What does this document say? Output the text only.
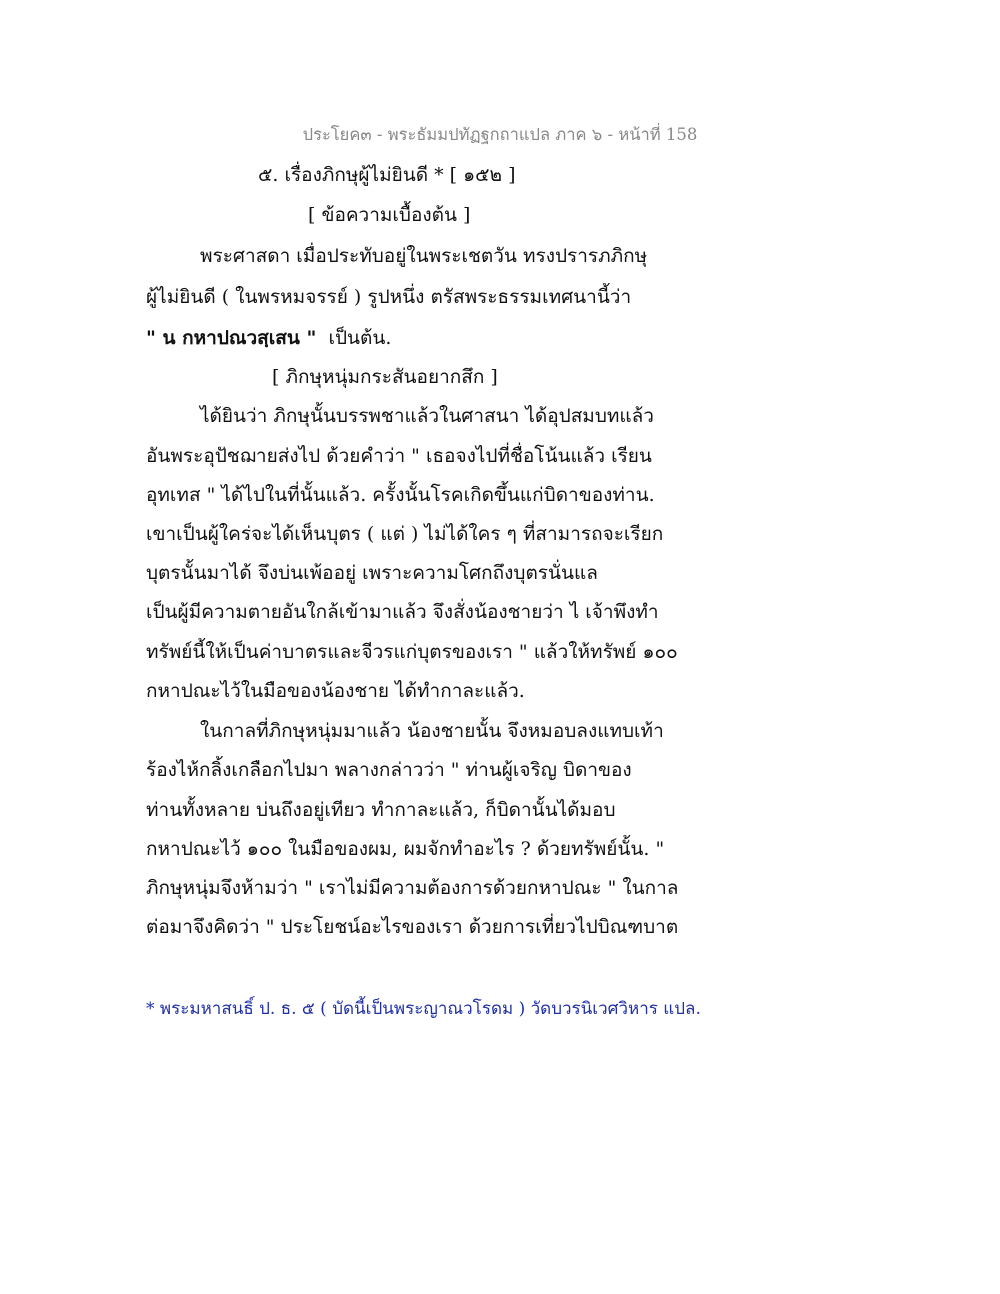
ประโยค๓ - พระธัมมปทัฏฐกถาแปล ภาค ๖ - หน้าที่ 158
๕. เรื่องภิกษุผู้ไม่ยินดี * [ ๑๕๒ ]
[ ข้อความเบื้องต้น ]
พระศาสดา เมื่อประทับอยู่ในพระเชตวัน ทรงปรารภภิกษุ
ผู้ไม่ยินดี ( ในพรหมจรรย์ ) รูปหนึ่ง ตรัสพระธรรมเทศนานี้ว่า
" น กหาปณวสฺเสน " เป็นต้น.
[ ภิกษุหนุ่มกระสันอยากสึก ]
ได้ยินว่า ภิกษุนั้นบรรพชาแล้วในศาสนา ได้อุปสมบทแล้ว
อันพระอุปัชฌายส่งไป ด้วยคำว่า " เธอจงไปที่ชื่อโน้นแล้ว เรียน
อุทเทส " ได้ไปในที่นั้นแล้ว. ครั้งนั้นโรคเกิดขึ้นแก่บิดาของท่าน.
เขาเป็นผู้ใคร่จะได้เห็นบุตร ( แต่ ) ไม่ได้ใคร ๆ ที่สามารถจะเรียก
บุตรนั้นมาได้ จึงบ่นเพ้ออยู่ เพราะความโศกถึงบุตรนั่นแล
เป็นผู้มีความตายอันใกล้เข้ามาแล้ว จึงสั่งน้องชายว่า ไ เจ้าพึงทำ
ทรัพย์นี้ให้เป็นค่าบาตรและจีวรแก่บุตรของเรา " แล้วให้ทรัพย์ ๑๐๐
กหาปณะไว้ในมือของน้องชาย ได้ทำกาละแล้ว.
ในกาลที่ภิกษุหนุ่มมาแล้ว น้องชายนั้น จึงหมอบลงแทบเท้า
ร้องไห้กลิ้งเกลือกไปมา พลางกล่าวว่า " ท่านผู้เจริญ บิดาของ
ท่านทั้งหลาย บ่นถึงอยู่เทียว ทำกาละแล้ว, ก็บิดานั้นได้มอบ
กหาปณะไว้ ๑๐๐ ในมือของผม, ผมจักทำอะไร ? ด้วยทรัพย์นั้น. "
ภิกษุหนุ่มจึงห้ามว่า " เราไม่มีความต้องการด้วยกหาปณะ " ในกาล
ต่อมาจึงคิดว่า " ประโยชน์อะไรของเรา ด้วยการเที่ยวไปบิณฑบาต
* พระมหาสนธิ์ ป. ธ. ๕ ( บัดนี้เป็นพระญาณวโรดม ) วัดบวรนิเวศวิหาร แปล.
